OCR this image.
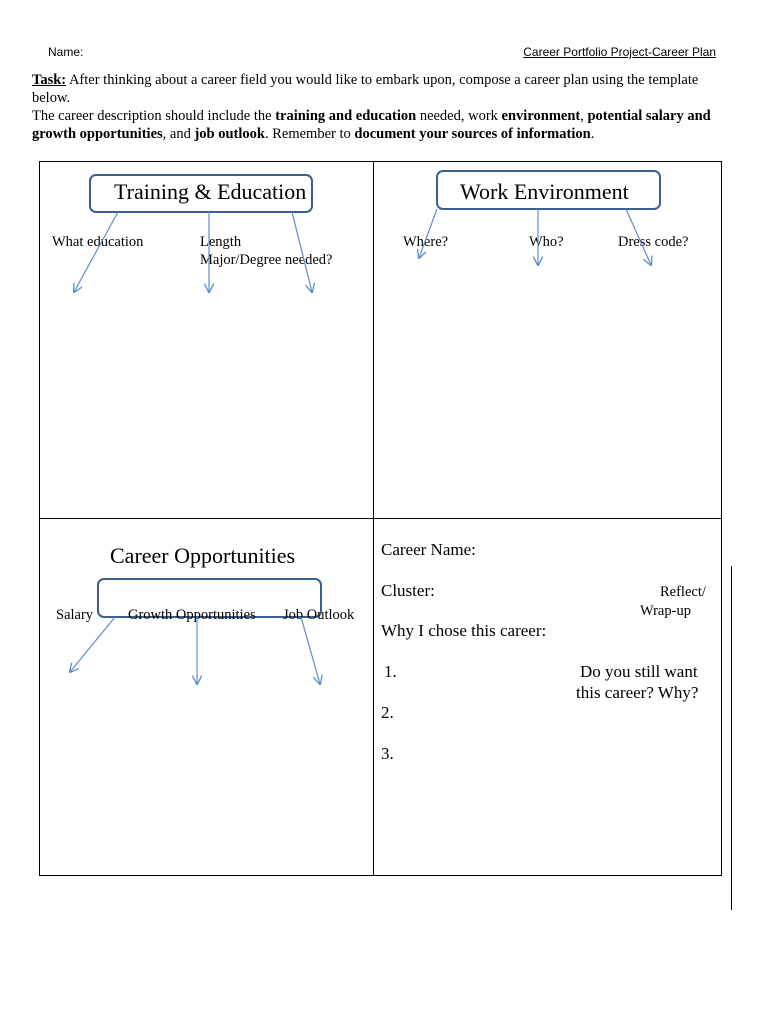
Name:	Career Portfolio Project-Career Plan
Task: After thinking about a career field you would like to embark upon, compose a career plan using the template below.
The career description should include the training and education needed, work environment, potential salary and growth opportunities, and job outlook. Remember to document your sources of information.
Training & Education
What education	Length
Major/Degree needed?
Work Environment
Where?	Who?	Dress code?
Career Opportunities
Salary Growth Opportunities Job Outlook
Career Name:
Cluster:	Reflect/
Wrap-up
Why I chose this career:
1.
2.
3.
Do you still want
this career? Why?
